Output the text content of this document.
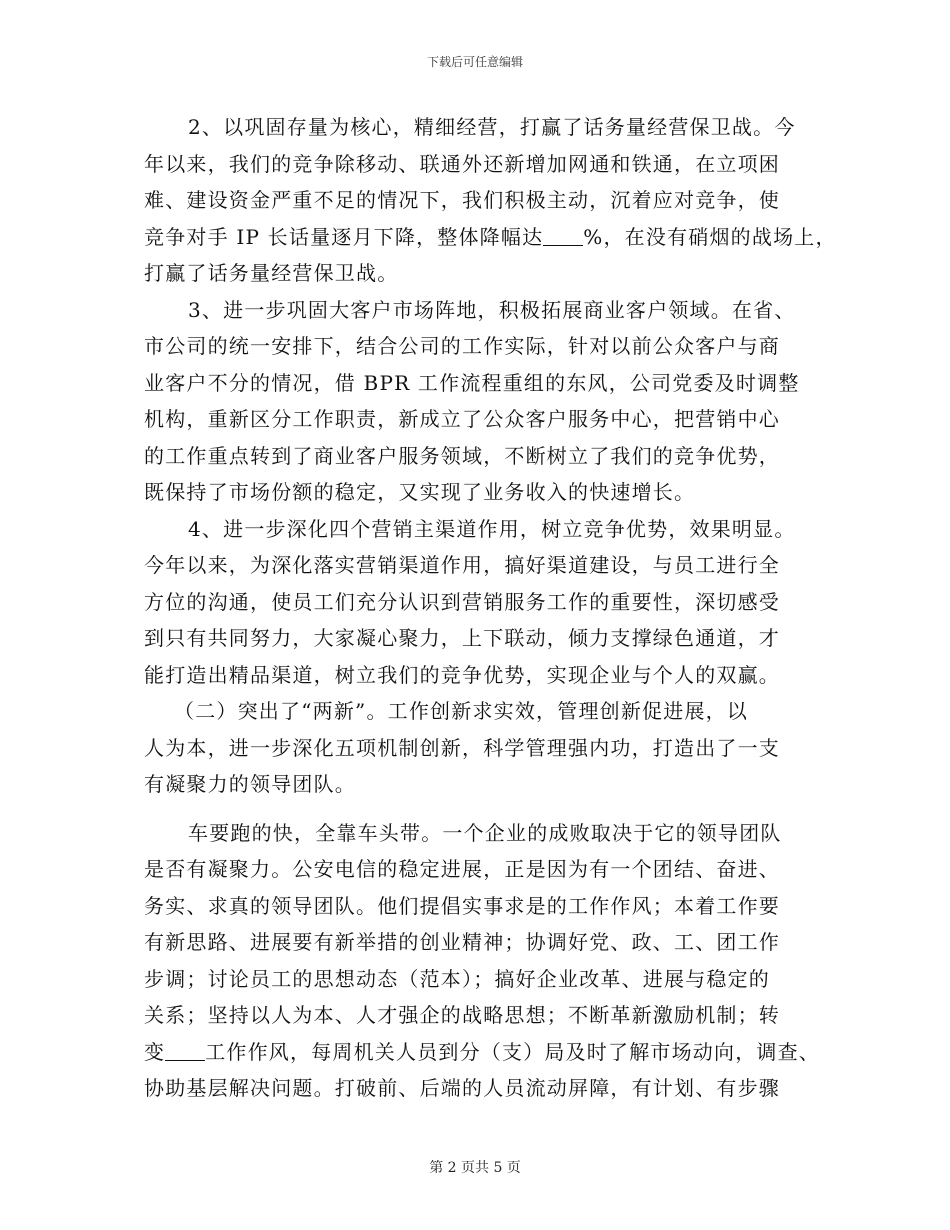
下载后可任意编辑
2、以巩固存量为核心，精细经营，打赢了话务量经营保卫战。今
年以来，我们的竞争除移动、联通外还新增加网通和铁通，在立项困
难、建设资金严重不足的情况下，我们积极主动，沉着应对竞争，使
竞争对手 IP 长话量逐月下降，整体降幅达 %，在没有硝烟的战场上，
打赢了话务量经营保卫战。
3、进一步巩固大客户市场阵地，积极拓展商业客户领域。在省、
市公司的统一安排下，结合公司的工作实际，针对以前公众客户与商
业客户不分的情况，借 BPR 工作流程重组的东风，公司党委及时调整
机构，重新区分工作职责，新成立了公众客户服务中心，把营销中心
的工作重点转到了商业客户服务领域，不断树立了我们的竞争优势，
既保持了市场份额的稳定，又实现了业务收入的快速增长。
4、进一步深化四个营销主渠道作用，树立竞争优势，效果明显。
今年以来，为深化落实营销渠道作用，搞好渠道建设，与员工进行全
方位的沟通，使员工们充分认识到营销服务工作的重要性，深切感受
到只有共同努力，大家凝心聚力，上下联动，倾力支撑绿色通道，才
能打造出精品渠道，树立我们的竞争优势，实现企业与个人的双赢。
（二）突出了“两新”。工作创新求实效，管理创新促进展，以
人为本，进一步深化五项机制创新，科学管理强内功，打造出了一支
有凝聚力的领导团队。
车要跑的快，全靠车头带。一个企业的成败取决于它的领导团队
是否有凝聚力。公安电信的稳定进展，正是因为有一个团结、奋进、
务实、求真的领导团队。他们提倡实事求是的工作作风；本着工作要
有新思路、进展要有新举措的创业精神；协调好党、政、工、团工作
步调；讨论员工的思想动态（范本）；搞好企业改革、进展与稳定的
关系；坚持以人为本、人才强企的战略思想；不断革新激励机制；转
变 工作作风，每周机关人员到分（支）局及时了解市场动向，调查、
协助基层解决问题。打破前、后端的人员流动屏障，有计划、有步骤
第 2 页共 5 页
